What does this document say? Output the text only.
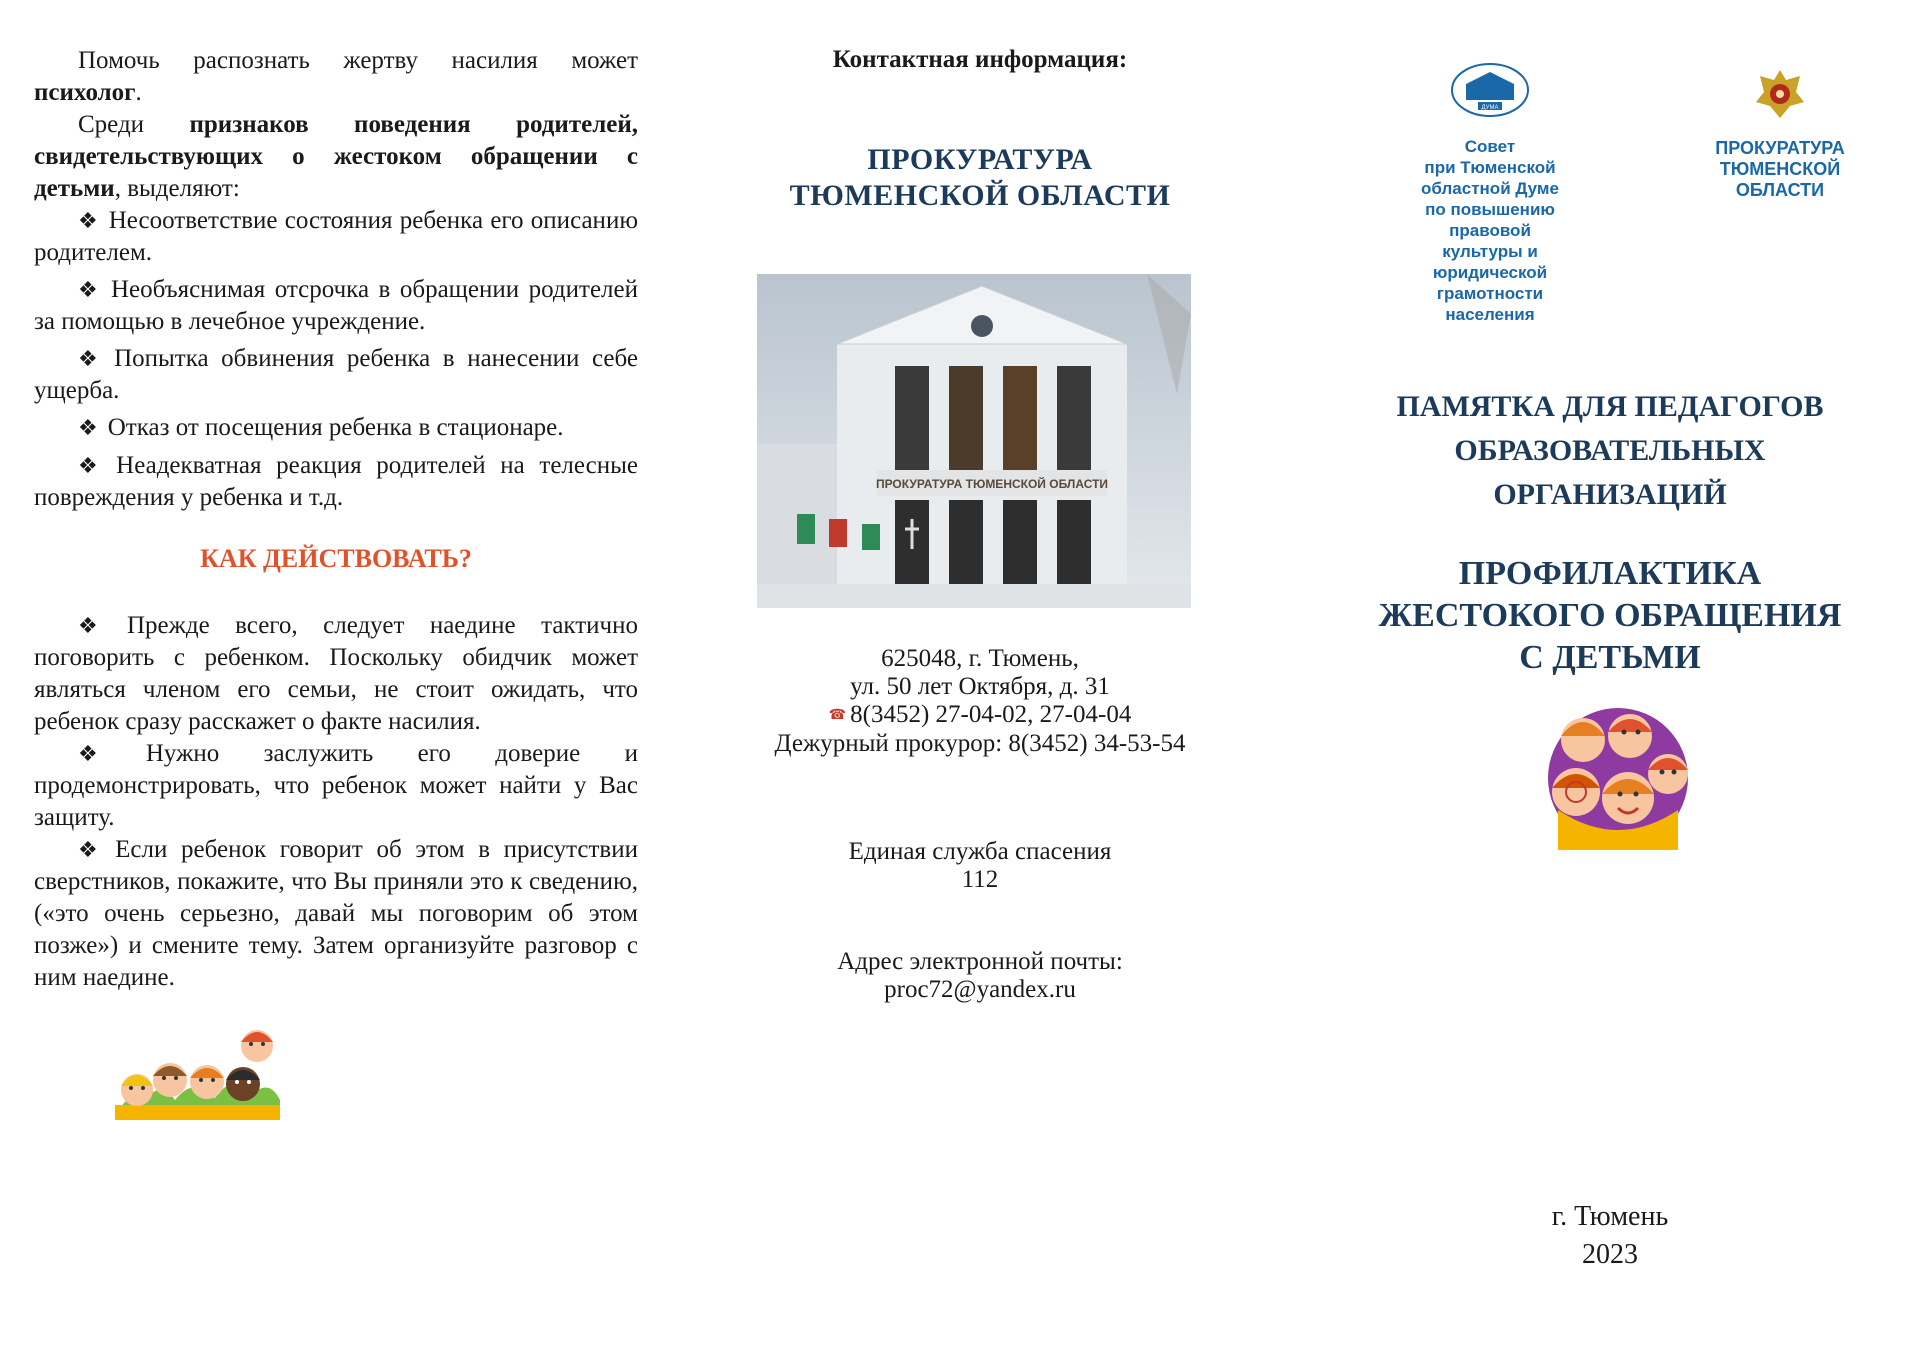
Помочь распознать жертву насилия может психолог.
Среди признаков поведения родителей, свидетельствующих о жестоком обращении с детьми, выделяют:
❖ Несоответствие состояния ребенка его описанию родителем.
❖ Необъяснимая отсрочка в обращении родителей за помощью в лечебное учреждение.
❖ Попытка обвинения ребенка в нанесении себе ущерба.
❖ Отказ от посещения ребенка в стационаре.
❖ Неадекватная реакция родителей на телесные повреждения у ребенка и т.д.
КАК ДЕЙСТВОВАТЬ?
❖ Прежде всего, следует наедине тактично поговорить с ребенком. Поскольку обидчик может являться членом его семьи, не стоит ожидать, что ребенок сразу расскажет о факте насилия.
❖ Нужно заслужить его доверие и продемонстрировать, что ребенок может найти у Вас защиту.
❖ Если ребенок говорит об этом в присутствии сверстников, покажите, что Вы приняли это к сведению, («это очень серьезно, давай мы поговорим об этом позже») и смените тему. Затем организуйте разговор с ним наедине.
Контактная информация:
ПРОКУРАТУРА
ТЮМЕНСКОЙ ОБЛАСТИ
ПРОКУРАТУРА ТЮМЕНСКОЙ ОБЛАСТИ
625048, г. Тюмень,
ул. 50 лет Октября, д. 31
☎ 8(3452) 27-04-02, 27-04-04
Дежурный прокурор: 8(3452) 34-53-54
Единая служба спасения
112
Адрес электронной почты:
proc72@yandex.ru
ДУМА
Совет
при Тюменской
областной Думе
по повышению
правовой
культуры и
юридической
грамотности
населения
ПРОКУРАТУРА
ТЮМЕНСКОЙ
ОБЛАСТИ
ПАМЯТКА ДЛЯ ПЕДАГОГОВ
ОБРАЗОВАТЕЛЬНЫХ
ОРГАНИЗАЦИЙ
ПРОФИЛАКТИКА
ЖЕСТОКОГО ОБРАЩЕНИЯ
С ДЕТЬМИ
г. Тюмень
2023
